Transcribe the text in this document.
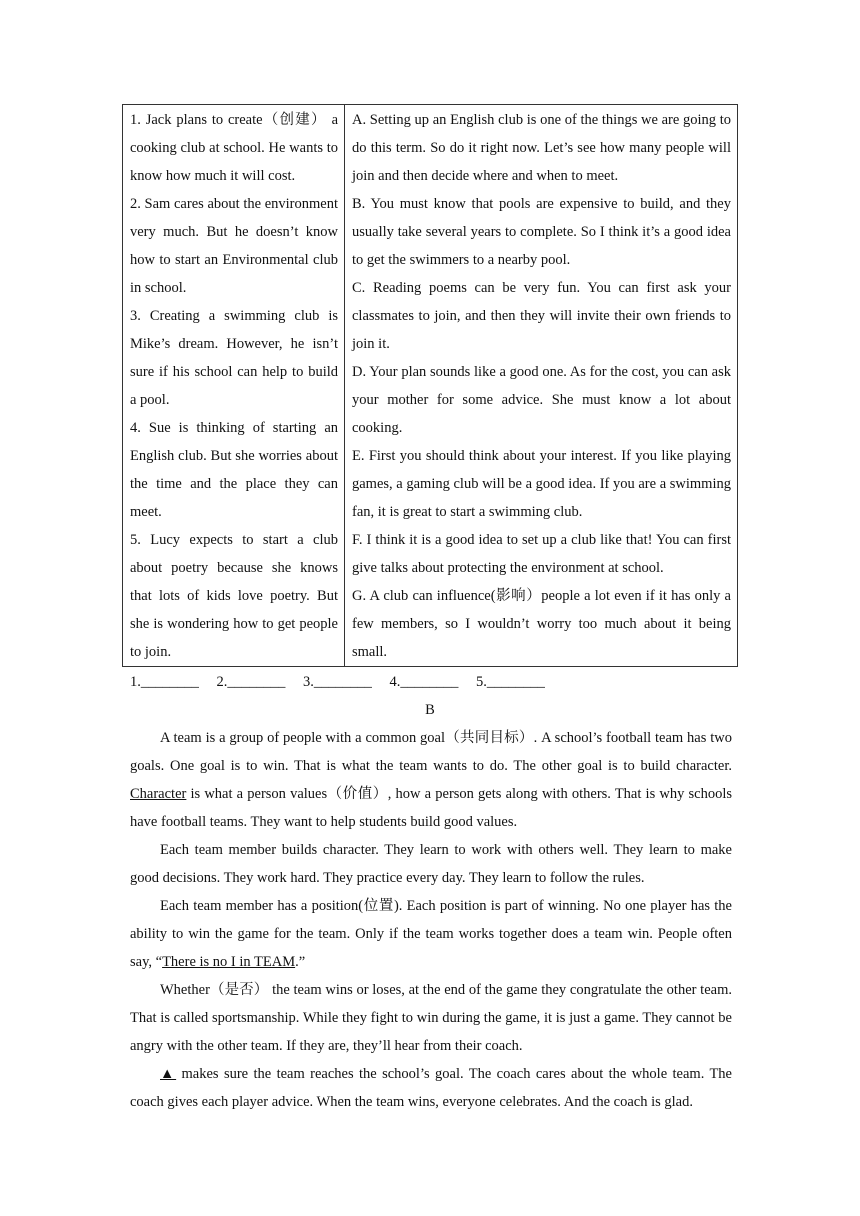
1. Jack plans to create（创建） a cooking club at school. He wants to know how much it will cost.
2. Sam cares about the environment very much. But he doesn’t know how to start an Environmental club in school.
3. Creating a swimming club is Mike’s dream. However, he isn’t sure if his school can help to build a pool.
4. Sue is thinking of starting an English club. But she worries about the time and the place they can meet.
5. Lucy expects to start a club about poetry because she knows that lots of kids love poetry. But she is wondering how to get people to join.

A. Setting up an English club is one of the things we are going to do this term. So do it right now. Let’s see how many people will join and then decide where and when to meet.
B. You must know that pools are expensive to build, and they usually take several years to complete. So I think it’s a good idea to get the swimmers to a nearby pool.
C. Reading poems can be very fun. You can first ask your classmates to join, and then they will invite their own friends to join it.
D. Your plan sounds like a good one. As for the cost, you can ask your mother for some advice. She must know a lot about cooking.
E. First you should think about your interest. If you like playing games, a gaming club will be a good idea. If you are a swimming fan, it is great to start a swimming club.
F. I think it is a good idea to set up a club like that! You can first give talks about protecting the environment at school.
G. A club can influence(影响）people a lot even if it has only a few members, so I wouldn’t worry too much about it being small.
1.________ 2.________ 3.________ 4.________ 5.________
B

A team is a group of people with a common goal（共同目标）. A school’s football team has two goals. One goal is to win. That is what the team wants to do. The other goal is to build character. Character is what a person values（价值）, how a person gets along with others. That is why schools have football teams. They want to help students build good values.

Each team member builds character. They learn to work with others well. They learn to make good decisions. They work hard. They practice every day. They learn to follow the rules.

Each team member has a position(位置). Each position is part of winning. No one player has the ability to win the game for the team. Only if the team works together does a team win. People often say, “There is no I in TEAM.”

Whether（是否） the team wins or loses, at the end of the game they congratulate the other team. That is called sportsmanship. While they fight to win during the game, it is just a game. They cannot be angry with the other team. If they are, they’ll hear from their coach.

▲ makes sure the team reaches the school’s goal. The coach cares about the whole team. The coach gives each player advice. When the team wins, everyone celebrates. And the coach is glad.
